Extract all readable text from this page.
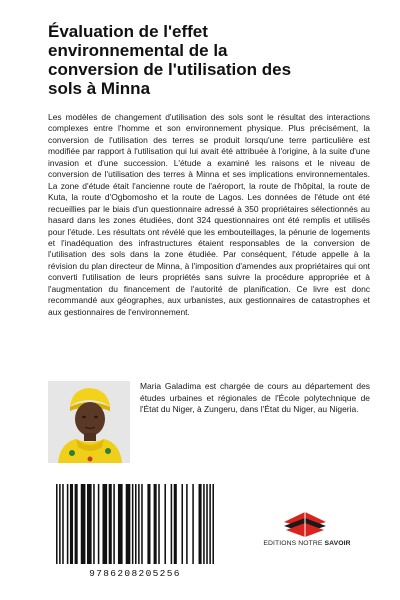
Évaluation de l'effet
environnemental de la
conversion de l'utilisation des
sols à Minna

Les modèles de changement d'utilisation des sols sont le résultat des interactions complexes entre l'homme et son environnement physique. Plus précisément, la conversion de l'utilisation des terres se produit lorsqu'une terre particulière est modifiée par rapport à l'utilisation qui lui avait été attribuée à l'origine, à la suite d'une invasion et d'une succession. L'étude a examiné les raisons et le niveau de conversion de l'utilisation des terres à Minna et ses implications environnementales. La zone d'étude était l'ancienne route de l'aéroport, la route de l'hôpital, la route de Kuta, la route d'Ogbomosho et la route de Lagos. Les données de l'étude ont été recueillies par le biais d'un questionnaire adressé à 350 propriétaires sélectionnés au hasard dans les zones étudiées, dont 324 questionnaires ont été remplis et utilisés pour l'étude. Les résultats ont révélé que les embouteillages, la pénurie de logements et l'inadéquation des infrastructures étaient responsables de la conversion de l'utilisation des sols dans la zone étudiée. Par conséquent, l'étude appelle à la révision du plan directeur de Minna, à l'imposition d'amendes aux propriétaires qui ont converti l'utilisation de leurs propriétés sans suivre la procédure appropriée et à l'augmentation du financement de l'autorité de planification. Ce livre est donc recommandé aux géographes, aux urbanistes, aux gestionnaires de catastrophes et aux gestionnaires de l'environnement.

Maria Galadima est chargée de cours au département des études urbaines et régionales de l'École polytechnique de l'État du Niger, à Zungeru, dans l'État du Niger, au Nigeria.

9786208205256
EDITIONS NOTRE SAVOIR
